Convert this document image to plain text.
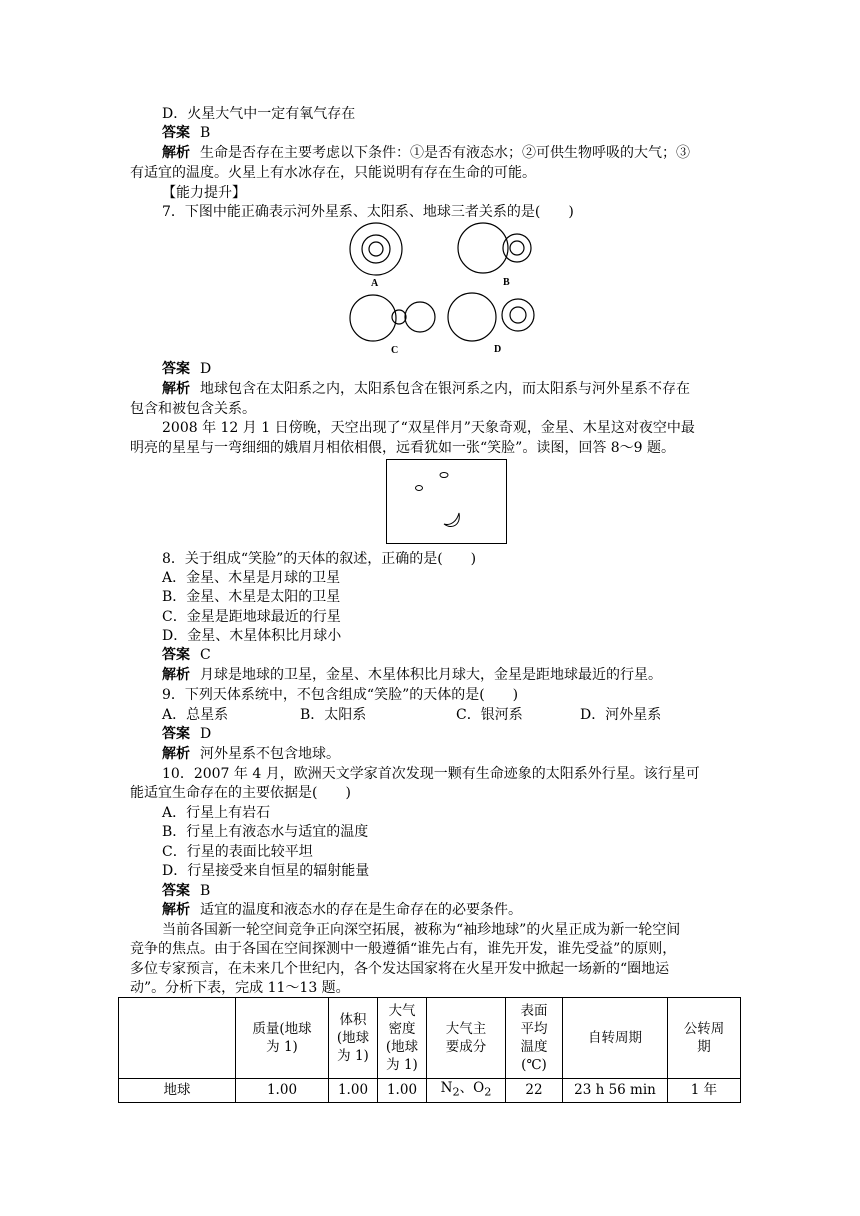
D．火星大气中一定有氧气存在
答案 B
解析 生命是否存在主要考虑以下条件：①是否有液态水；②可供生物呼吸的大气；③
有适宜的温度。火星上有水冰存在，只能说明有存在生命的可能。
【能力提升】
7．下图中能正确表示河外星系、太阳系、地球三者关系的是(　　)
A	B
C	D
答案 D
解析 地球包含在太阳系之内，太阳系包含在银河系之内，而太阳系与河外星系不存在
包含和被包含关系。
2008 年 12 月 1 日傍晚，天空出现了“双星伴月”天象奇观，金星、木星这对夜空中最
明亮的星星与一弯细细的娥眉月相依相偎，远看犹如一张“笑脸”。读图，回答 8～9 题。
8．关于组成“笑脸”的天体的叙述，正确的是(　　)
A．金星、木星是月球的卫星
B．金星、木星是太阳的卫星
C．金星是距地球最近的行星
D．金星、木星体积比月球小
答案 C
解析 月球是地球的卫星，金星、木星体积比月球大，金星是距地球最近的行星。
9．下列天体系统中，不包含组成“笑脸”的天体的是(　　)
A．总星系	B．太阳系	C．银河系	D．河外星系
答案 D
解析 河外星系不包含地球。
10．2007 年 4 月，欧洲天文学家首次发现一颗有生命迹象的太阳系外行星。该行星可
能适宜生命存在的主要依据是(　　)
A．行星上有岩石
B．行星上有液态水与适宜的温度
C．行星的表面比较平坦
D．行星接受来自恒星的辐射能量
答案 B
解析 适宜的温度和液态水的存在是生命存在的必要条件。
当前各国新一轮空间竞争正向深空拓展，被称为“袖珍地球”的火星正成为新一轮空间
竞争的焦点。由于各国在空间探测中一般遵循“谁先占有，谁先开发，谁先受益”的原则，
多位专家预言，在未来几个世纪内，各个发达国家将在火星开发中掀起一场新的“圈地运
动”。分析下表，完成 11～13 题。
	质量(地球
为 1)	体积
(地球
为 1)	大气
密度
(地球
为 1)	大气主
要成分	表面
平均
温度
(℃)	自转周期	公转周
期
地球	1.00	1.00	1.00	$N_2$、$O_2$	22	23 h 56 min	1 年
